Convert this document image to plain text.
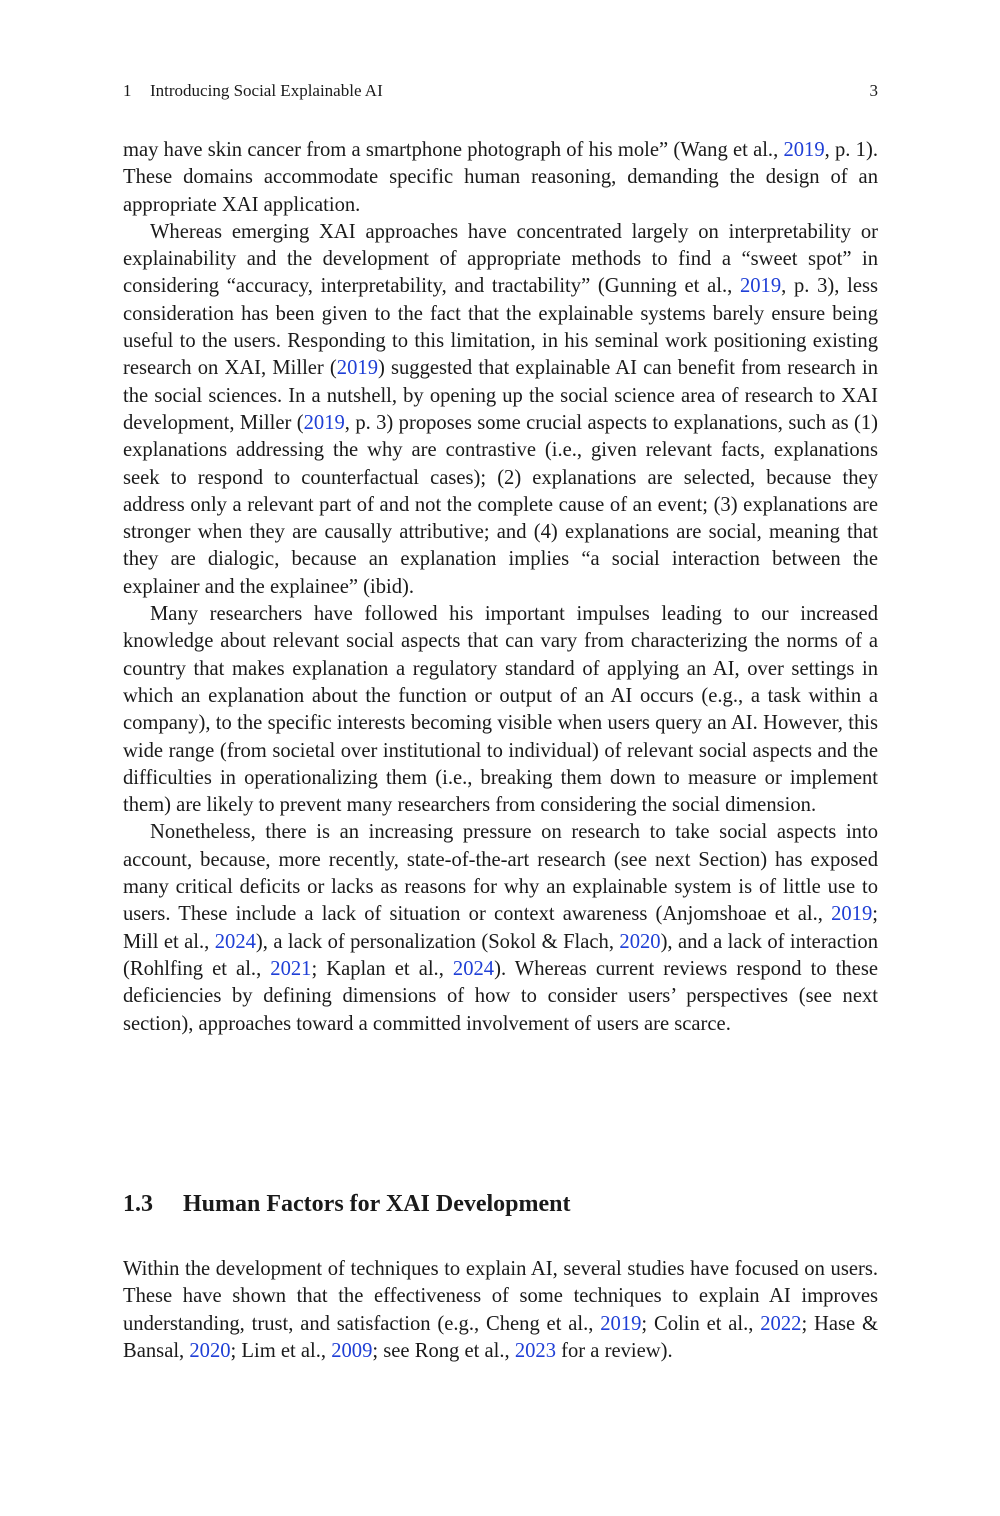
1 Introducing Social Explainable AI	3

may have skin cancer from a smartphone photograph of his mole” (Wang et al., 2019, p. 1). These domains accommodate specific human reasoning, demanding the design of an appropriate XAI application.

Whereas emerging XAI approaches have concentrated largely on interpretability or explainability and the development of appropriate methods to find a “sweet spot” in considering “accuracy, interpretability, and tractability” (Gunning et al., 2019, p. 3), less consideration has been given to the fact that the explainable systems barely ensure being useful to the users. Responding to this limitation, in his seminal work positioning existing research on XAI, Miller (2019) suggested that explainable AI can benefit from research in the social sciences. In a nutshell, by opening up the social science area of research to XAI development, Miller (2019, p. 3) proposes some crucial aspects to explanations, such as (1) explanations addressing the why are contrastive (i.e., given relevant facts, explanations seek to respond to counterfactual cases); (2) explanations are selected, because they address only a relevant part of and not the complete cause of an event; (3) explanations are stronger when they are causally attributive; and (4) explanations are social, meaning that they are dialogic, because an explanation implies “a social interaction between the explainer and the explainee” (ibid).

Many researchers have followed his important impulses leading to our increased knowledge about relevant social aspects that can vary from characterizing the norms of a country that makes explanation a regulatory standard of applying an AI, over settings in which an explanation about the function or output of an AI occurs (e.g., a task within a company), to the specific interests becoming visible when users query an AI. However, this wide range (from societal over institutional to individual) of relevant social aspects and the difficulties in operationalizing them (i.e., breaking them down to measure or implement them) are likely to prevent many researchers from considering the social dimension.

Nonetheless, there is an increasing pressure on research to take social aspects into account, because, more recently, state-of-the-art research (see next Section) has exposed many critical deficits or lacks as reasons for why an explainable system is of little use to users. These include a lack of situation or context awareness (Anjomshoae et al., 2019; Mill et al., 2024), a lack of personalization (Sokol & Flach, 2020), and a lack of interaction (Rohlfing et al., 2021; Kaplan et al., 2024). Whereas current reviews respond to these deficiencies by defining dimensions of how to consider users’ perspectives (see next section), approaches toward a committed involvement of users are scarce.

1.3 Human Factors for XAI Development

Within the development of techniques to explain AI, several studies have focused on users. These have shown that the effectiveness of some techniques to explain AI improves understanding, trust, and satisfaction (e.g., Cheng et al., 2019; Colin et al., 2022; Hase & Bansal, 2020; Lim et al., 2009; see Rong et al., 2023 for a review).
